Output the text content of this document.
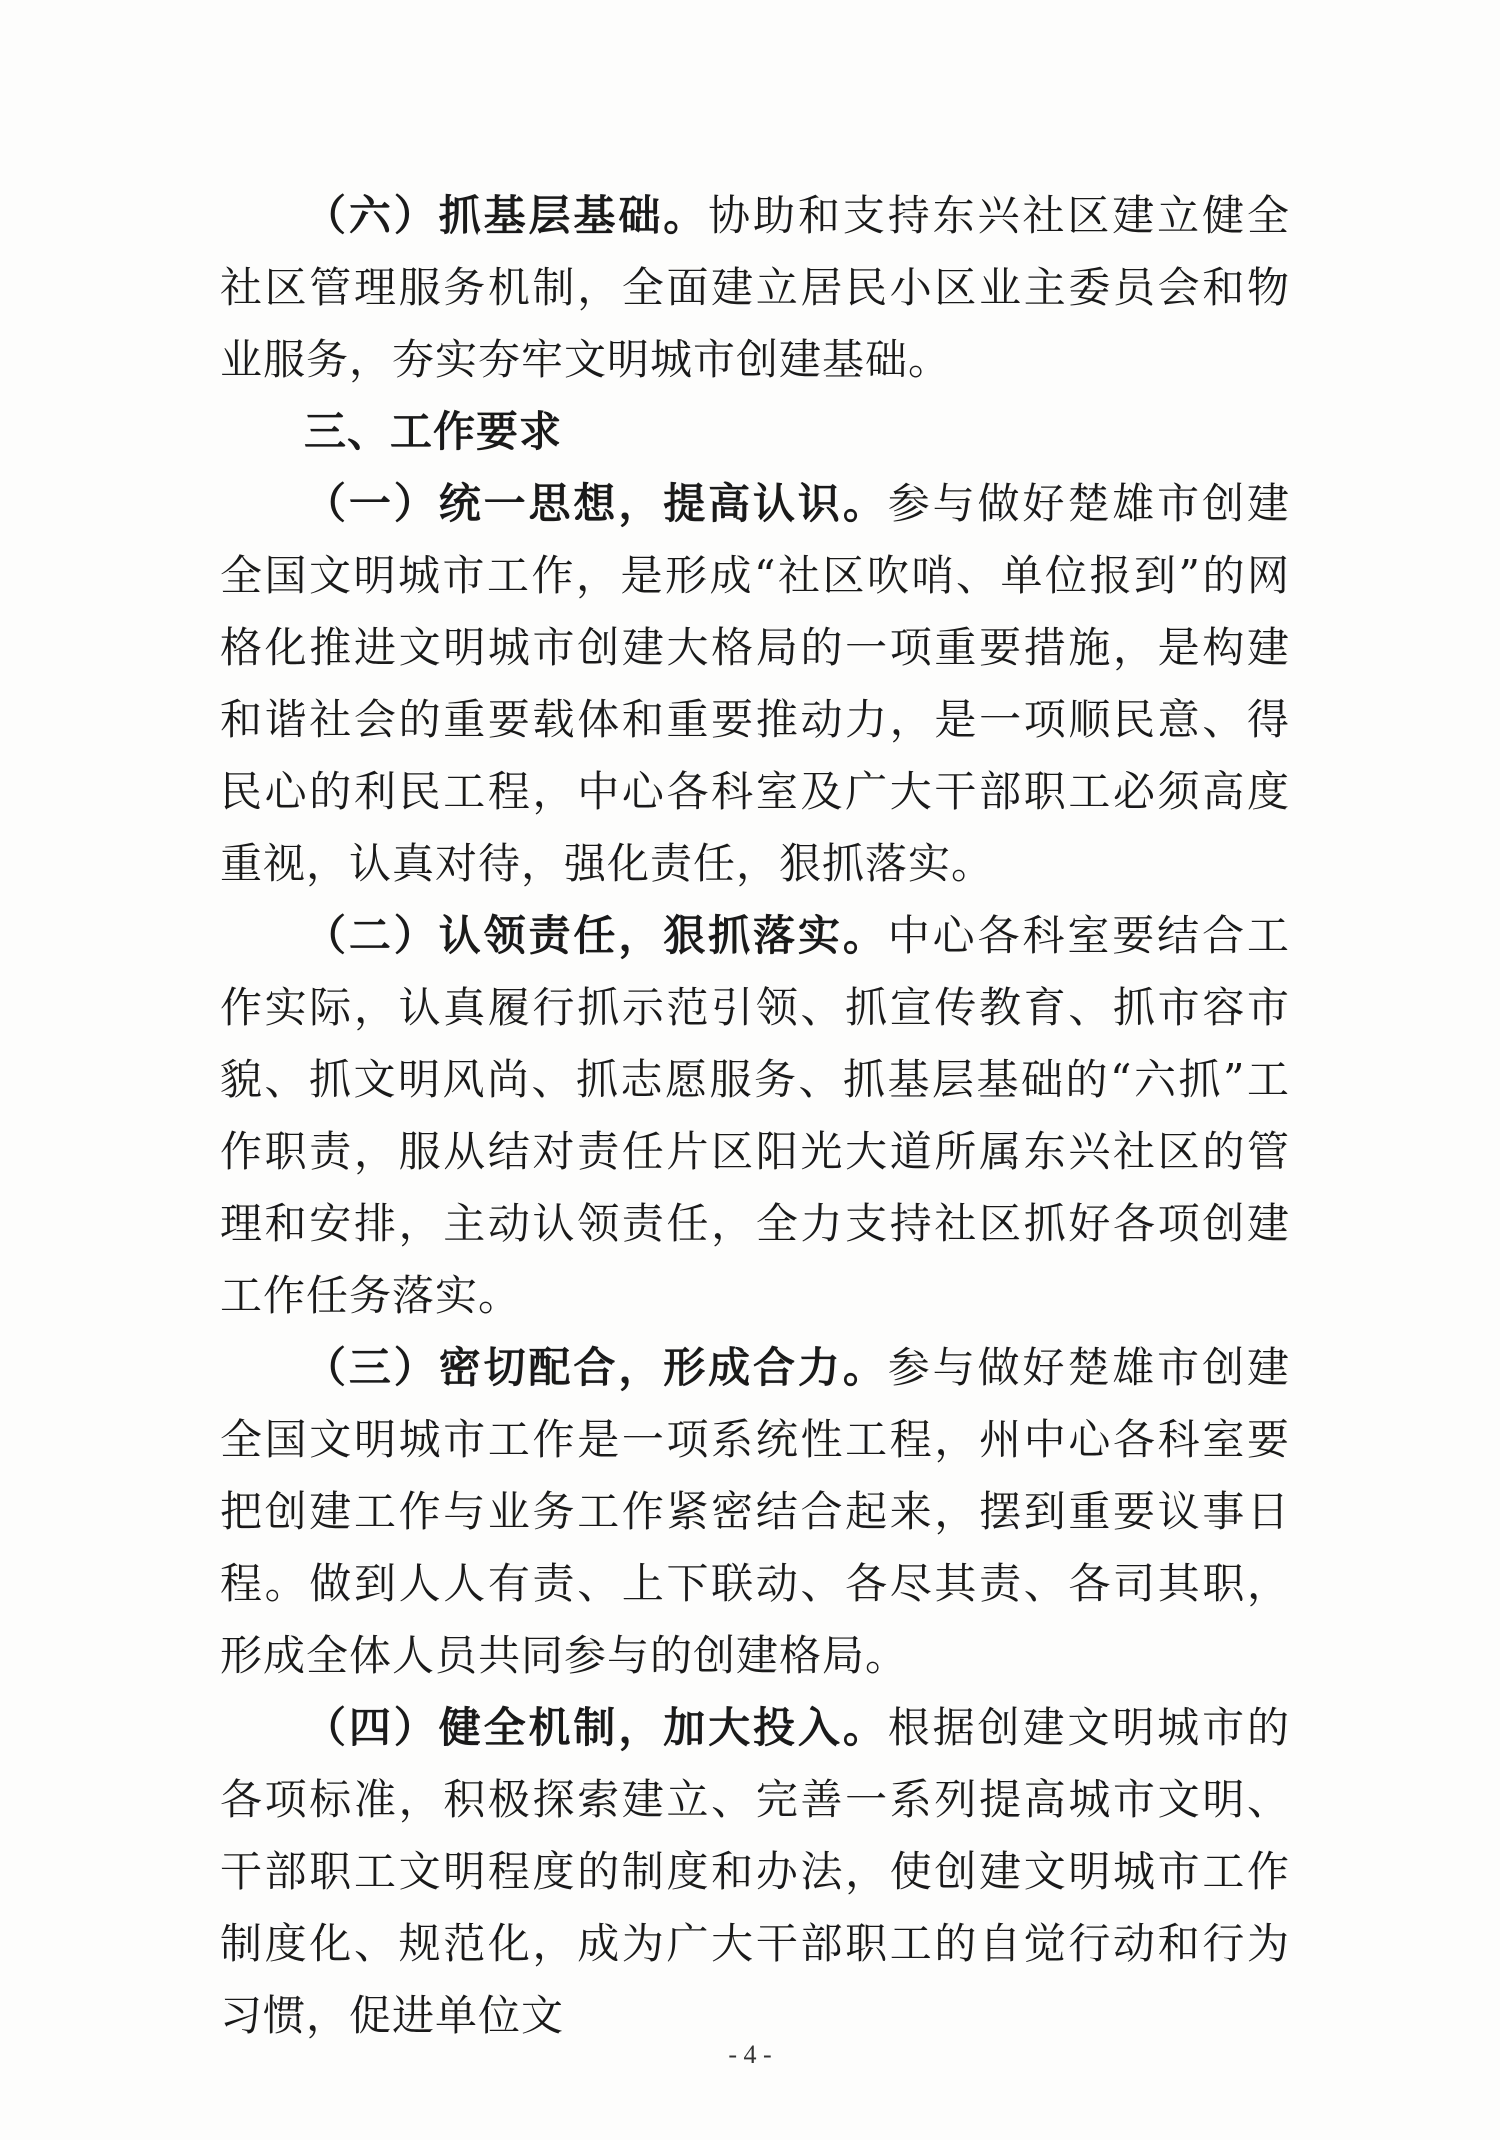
（六）抓基层基础。协助和支持东兴社区建立健全社区管理服务机制，全面建立居民小区业主委员会和物业服务，夯实夯牢文明城市创建基础。

三、工作要求

（一）统一思想，提高认识。参与做好楚雄市创建全国文明城市工作，是形成“社区吹哨、单位报到”的网格化推进文明城市创建大格局的一项重要措施，是构建和谐社会的重要载体和重要推动力，是一项顺民意、得民心的利民工程，中心各科室及广大干部职工必须高度重视，认真对待，强化责任，狠抓落实。

（二）认领责任，狠抓落实。中心各科室要结合工作实际，认真履行抓示范引领、抓宣传教育、抓市容市貌、抓文明风尚、抓志愿服务、抓基层基础的“六抓”工作职责，服从结对责任片区阳光大道所属东兴社区的管理和安排，主动认领责任，全力支持社区抓好各项创建工作任务落实。

（三）密切配合，形成合力。参与做好楚雄市创建全国文明城市工作是一项系统性工程，州中心各科室要把创建工作与业务工作紧密结合起来，摆到重要议事日程。做到人人有责、上下联动、各尽其责、各司其职，形成全体人员共同参与的创建格局。

（四）健全机制，加大投入。根据创建文明城市的各项标准，积极探索建立、完善一系列提高城市文明、干部职工文明程度的制度和办法，使创建文明城市工作制度化、规范化，成为广大干部职工的自觉行动和行为习惯，促进单位文

- 4 -
